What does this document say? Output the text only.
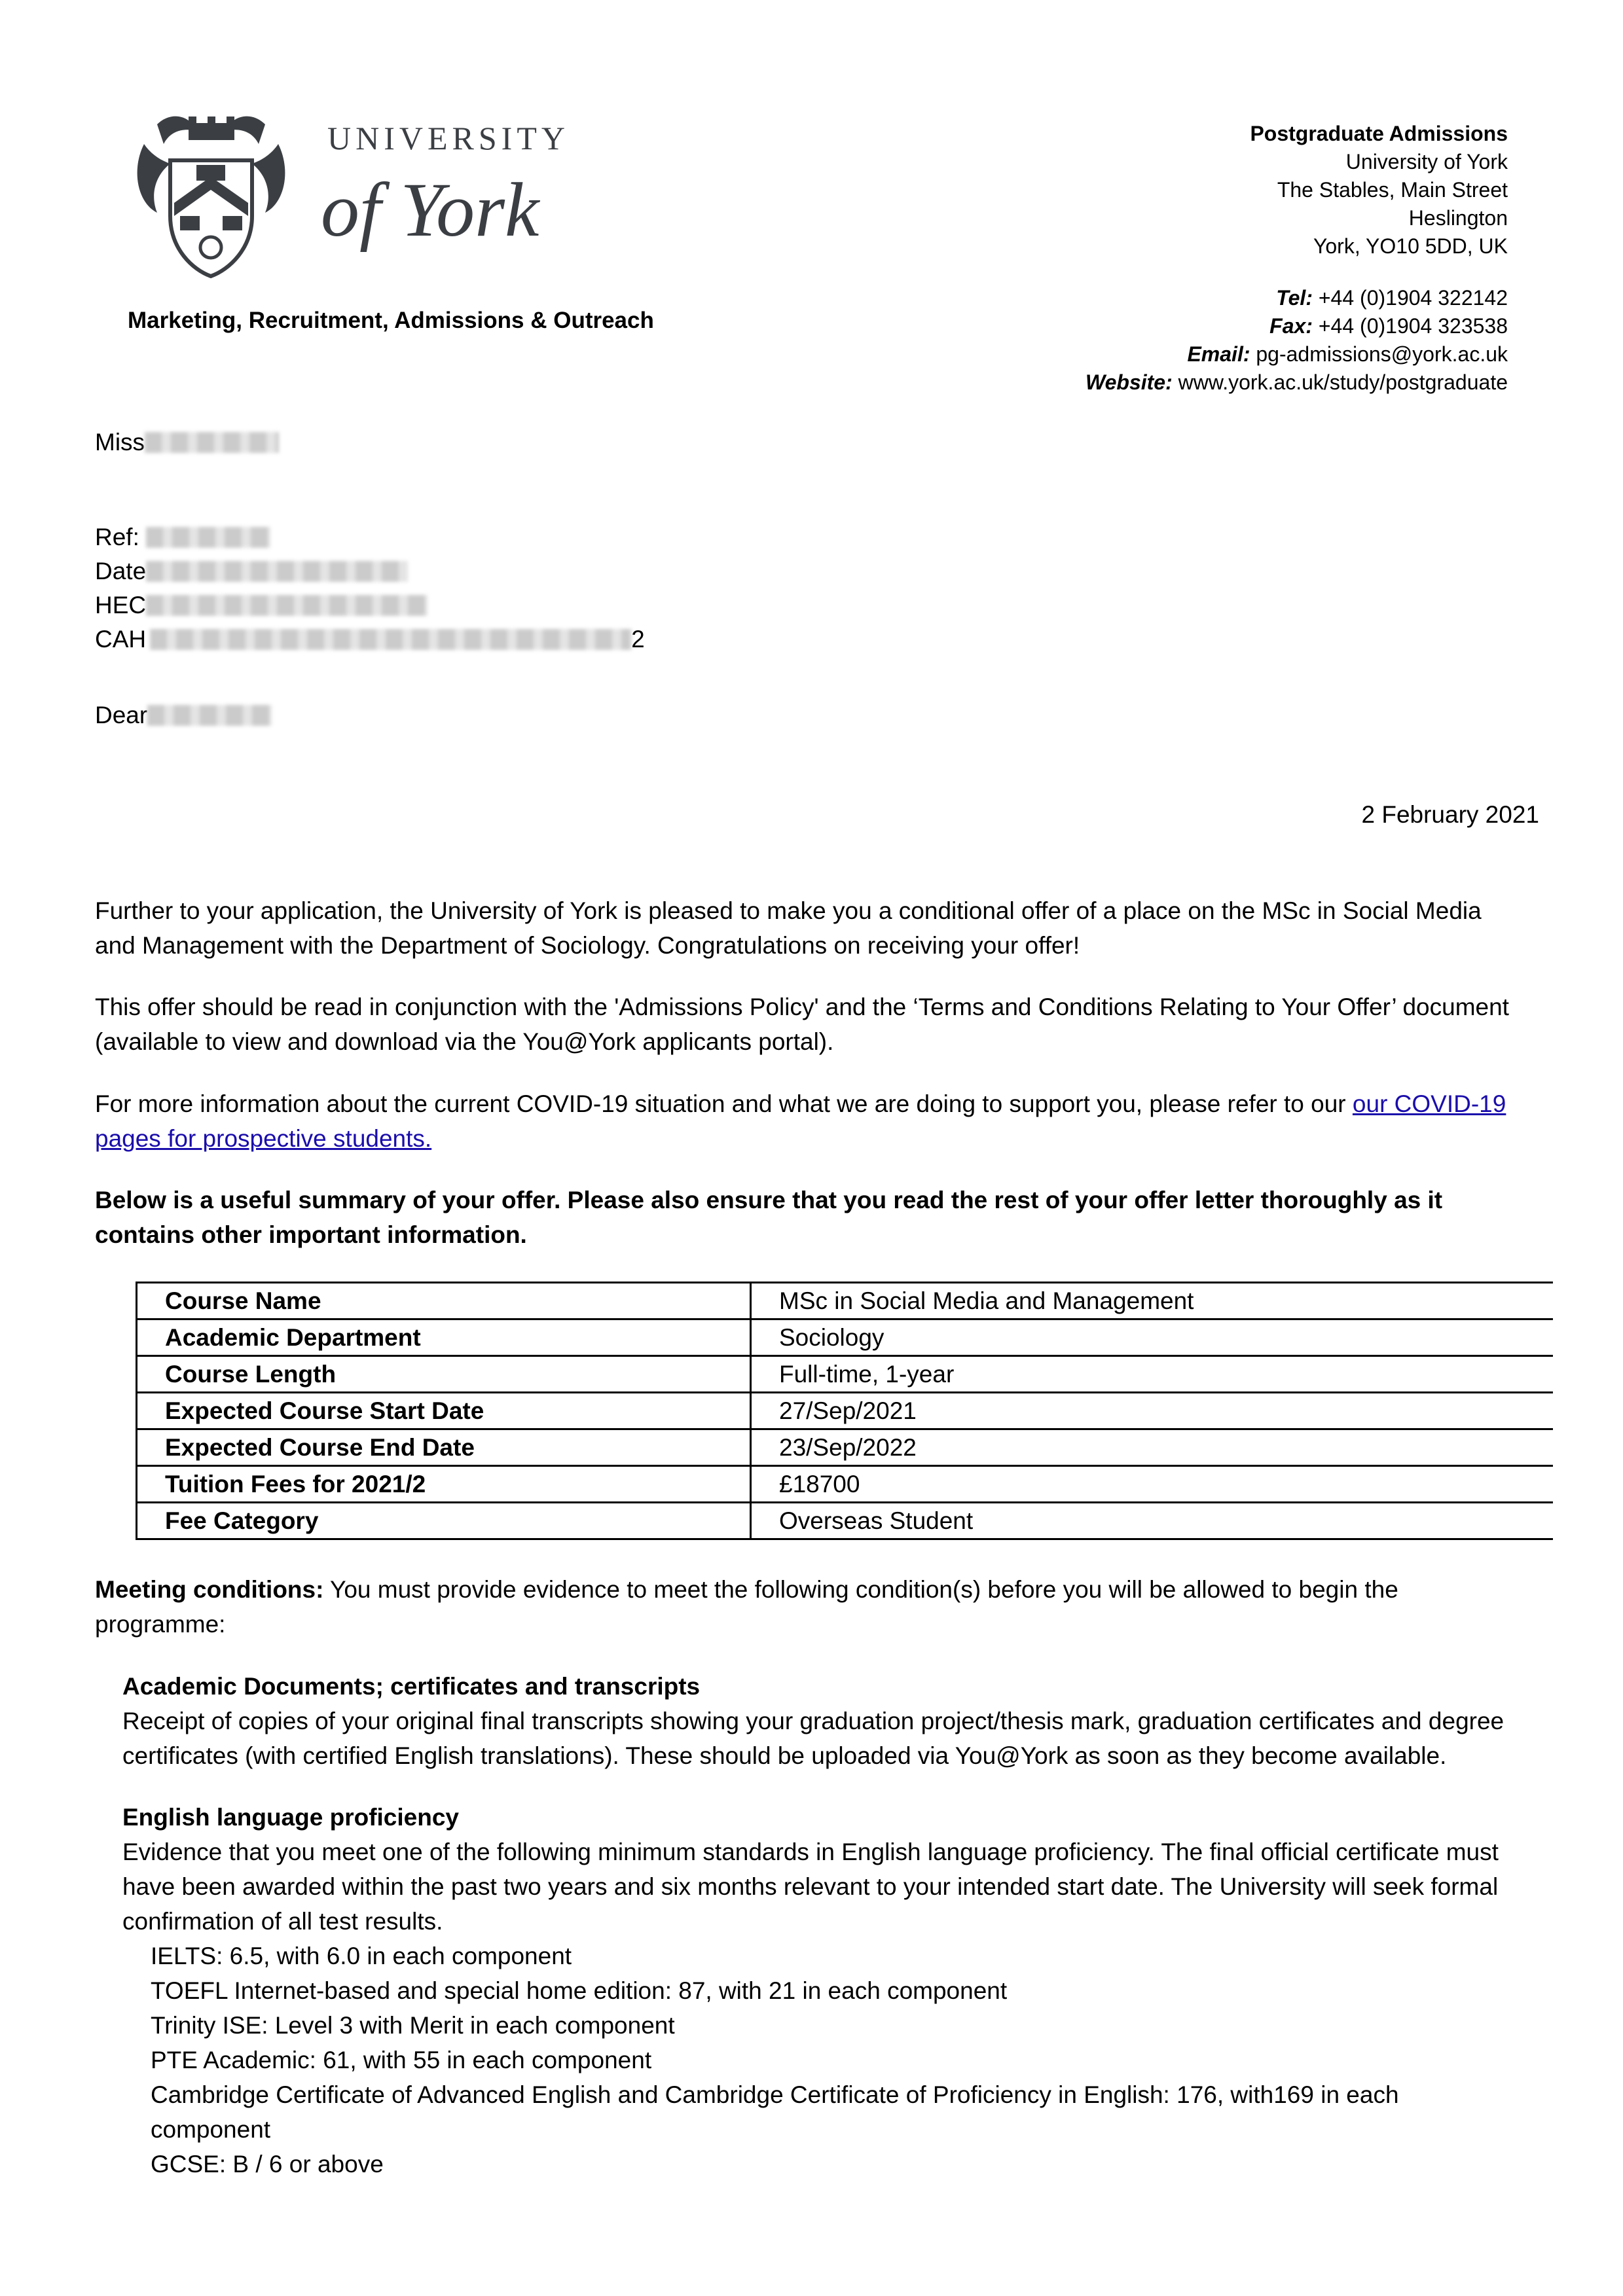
UNIVERSITY
of York
Marketing, Recruitment, Admissions & Outreach
Postgraduate Admissions
University of York
The Stables, Main Street
Heslington
York, YO10 5DD, UK
Tel: +44 (0)1904 322142
Fax: +44 (0)1904 323538
Email: pg-admissions@york.ac.uk
Website: www.york.ac.uk/study/postgraduate
Miss
Ref:
Date
HEC
CAH	2
Dear
2 February 2021
Further to your application, the University of York is pleased to make you a conditional offer of a place on the MSc in Social Media and Management with the Department of Sociology. Congratulations on receiving your offer!
This offer should be read in conjunction with the 'Admissions Policy' and the ‘Terms and Conditions Relating to Your Offer’ document (available to view and download via the You@York applicants portal).
For more information about the current COVID-19 situation and what we are doing to support you, please refer to our our COVID-19 pages for prospective students.
Below is a useful summary of your offer. Please also ensure that you read the rest of your offer letter thoroughly as it contains other important information.
Course Name	MSc in Social Media and Management
Academic Department	Sociology
Course Length	Full-time, 1-year
Expected Course Start Date	27/Sep/2021
Expected Course End Date	23/Sep/2022
Tuition Fees for 2021/2	£18700
Fee Category	Overseas Student
Meeting conditions: You must provide evidence to meet the following condition(s) before you will be allowed to begin the programme:
Academic Documents; certificates and transcripts

Receipt of copies of your original final transcripts showing your graduation project/thesis mark, graduation certificates and degree certificates (with certified English translations). These should be uploaded via You@York as soon as they become available.

English language proficiency

Evidence that you meet one of the following minimum standards in English language proficiency. The final official certificate must have been awarded within the past two years and six months relevant to your intended start date. The University will seek formal confirmation of all test results.

IELTS: 6.5, with 6.0 in each component
TOEFL Internet-based and special home edition: 87, with 21 in each component
Trinity ISE: Level 3 with Merit in each component
PTE Academic: 61, with 55 in each component
Cambridge Certificate of Advanced English and Cambridge Certificate of Proficiency in English: 176, with169 in each component
GCSE: B / 6 or above
